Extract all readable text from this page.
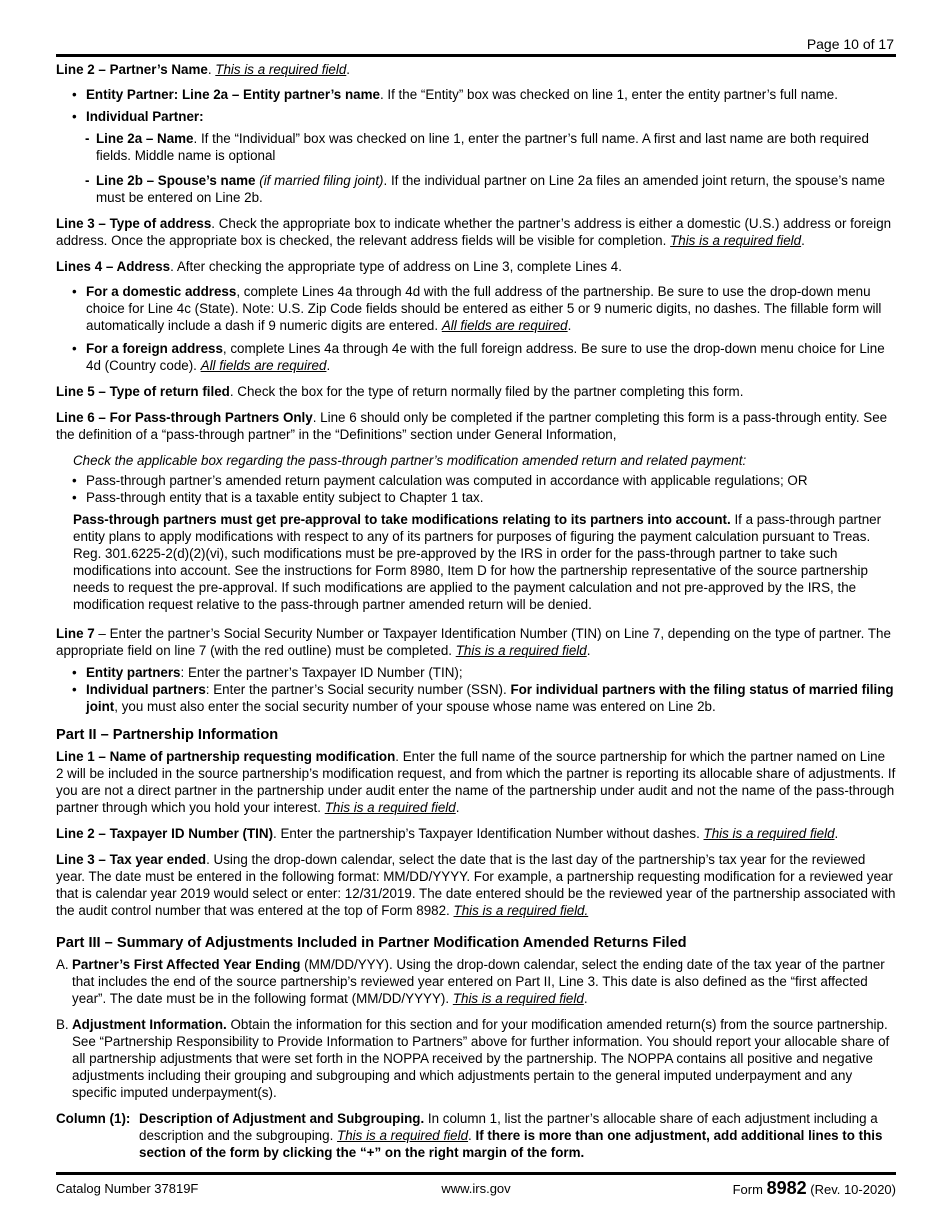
Page 10 of 17

Line 2 – Partner’s Name. This is a required field.

• Entity Partner: Line 2a – Entity partner’s name. If the “Entity” box was checked on line 1, enter the entity partner’s full name.
• Individual Partner:
- Line 2a – Name. If the “Individual” box was checked on line 1, enter the partner’s full name. A first and last name are both required fields. Middle name is optional
- Line 2b – Spouse’s name (if married filing joint). If the individual partner on Line 2a files an amended joint return, the spouse’s name must be entered on Line 2b.

Line 3 – Type of address. Check the appropriate box to indicate whether the partner’s address is either a domestic (U.S.) address or foreign address. Once the appropriate box is checked, the relevant address fields will be visible for completion. This is a required field.

Lines 4 – Address. After checking the appropriate type of address on Line 3, complete Lines 4.

• For a domestic address, complete Lines 4a through 4d with the full address of the partnership. Be sure to use the drop-down menu choice for Line 4c (State). Note: U.S. Zip Code fields should be entered as either 5 or 9 numeric digits, no dashes. The fillable form will automatically include a dash if 9 numeric digits are entered. All fields are required.
• For a foreign address, complete Lines 4a through 4e with the full foreign address. Be sure to use the drop-down menu choice for Line 4d (Country code). All fields are required.

Line 5 – Type of return filed. Check the box for the type of return normally filed by the partner completing this form.

Line 6 – For Pass-through Partners Only. Line 6 should only be completed if the partner completing this form is a pass-through entity. See the definition of a “pass-through partner” in the “Definitions” section under General Information,

Check the applicable box regarding the pass-through partner’s modification amended return and related payment:

• Pass-through partner’s amended return payment calculation was computed in accordance with applicable regulations; OR
• Pass-through entity that is a taxable entity subject to Chapter 1 tax.

Pass-through partners must get pre-approval to take modifications relating to its partners into account. If a pass-through partner entity plans to apply modifications with respect to any of its partners for purposes of figuring the payment calculation pursuant to Treas. Reg. 301.6225-2(d)(2)(vi), such modifications must be pre-approved by the IRS in order for the pass-through partner to take such modifications into account. See the instructions for Form 8980, Item D for how the partnership representative of the source partnership needs to request the pre-approval. If such modifications are applied to the payment calculation and not pre-approved by the IRS, the modification request relative to the pass-through partner amended return will be denied.

Line 7 – Enter the partner’s Social Security Number or Taxpayer Identification Number (TIN) on Line 7, depending on the type of partner. The appropriate field on line 7 (with the red outline) must be completed. This is a required field.

• Entity partners: Enter the partner’s Taxpayer ID Number (TIN);
• Individual partners: Enter the partner’s Social security number (SSN). For individual partners with the filing status of married filing joint, you must also enter the social security number of your spouse whose name was entered on Line 2b.
Part II – Partnership Information

Line 1 – Name of partnership requesting modification. Enter the full name of the source partnership for which the partner named on Line 2 will be included in the source partnership’s modification request, and from which the partner is reporting its allocable share of adjustments. If you are not a direct partner in the partnership under audit enter the name of the partnership under audit and not the name of the pass-through partner through which you hold your interest. This is a required field.

Line 2 – Taxpayer ID Number (TIN). Enter the partnership’s Taxpayer Identification Number without dashes. This is a required field.

Line 3 – Tax year ended. Using the drop-down calendar, select the date that is the last day of the partnership’s tax year for the reviewed year. The date must be entered in the following format: MM/DD/YYYY. For example, a partnership requesting modification for a reviewed year that is calendar year 2019 would select or enter: 12/31/2019. The date entered should be the reviewed year of the partnership associated with the audit control number that was entered at the top of Form 8982. This is a required field.

Part III – Summary of Adjustments Included in Partner Modification Amended Returns Filed
A. Partner’s First Affected Year Ending (MM/DD/YYY). Using the drop-down calendar, select the ending date of the tax year of the partner that includes the end of the source partnership’s reviewed year entered on Part II, Line 3. This date is also defined as the “first affected year”. The date must be in the following format (MM/DD/YYYY). This is a required field.
B. Adjustment Information. Obtain the information for this section and for your modification amended return(s) from the source partnership. See “Partnership Responsibility to Provide Information to Partners” above for further information. You should report your allocable share of all partnership adjustments that were set forth in the NOPPA received by the partnership. The NOPPA contains all positive and negative adjustments including their grouping and subgrouping and which adjustments pertain to the general imputed underpayment and any specific imputed underpayment(s).
Column (1): Description of Adjustment and Subgrouping. In column 1, list the partner’s allocable share of each adjustment including a description and the subgrouping. This is a required field. If there is more than one adjustment, add additional lines to this section of the form by clicking the “+” on the right margin of the form.
Catalog Number 37819F	www.irs.gov	Form 8982 (Rev. 10-2020)
